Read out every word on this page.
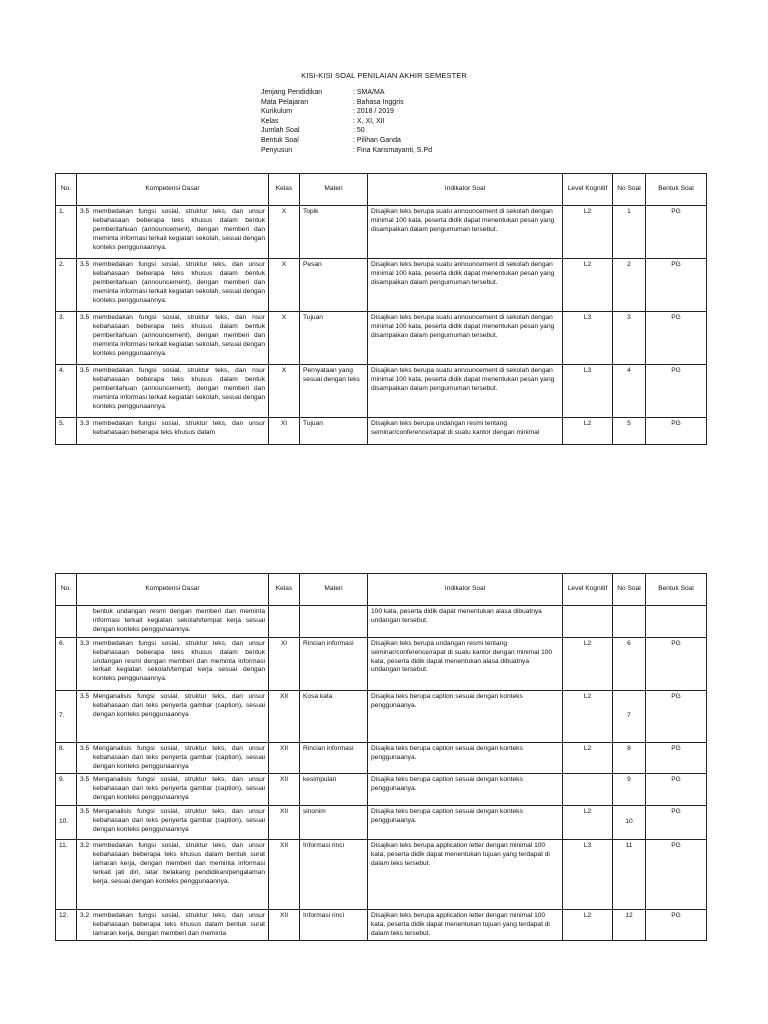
KISI-KISI SOAL PENILAIAN AKHIR SEMESTER
Jenjang Pendidikan	: SMA/MA
Mata Pelajaran	: Bahasa Inggris
Kurikulum	: 2018 / 2019
Kelas	: X, XI, XII
Jumlah Soal	: 50
Bentuk Soal	: Pilihan Ganda
Penyusun	: Fina Karismayanti, S.Pd
No.	Kompetensi Dasar	Kelas	Materi	Indikator Soal	Level Kognitif	No Soal	Bentuk Soal
1.	3.5 membedakan fungsi sosial, struktur teks, dan unsur kebahasaan beberapa teks khusus dalam bentuk pemberitahuan (announcement), dengan memberi dan meminta informasi terkait kegiatan sekolah, sesuai dengan konteks penggunaannya.	X	Topik	Disajikan teks berupa suatu announcement di sekolah dengan minimal 100 kata, peserta didik dapat menentukan pesan yang disampaikan dalam pengumuman tersebut.	L2	1	PG
2.	3.5 membedakan fungsi sosial, struktur teks, dan unsur kebahasaan beberapa teks khusus dalam bentuk pemberitahuan (announcement), dengan memberi dan meminta informasi terkait kegiatan sekolah, sesuai dengan konteks penggunaannya.	X	Pesan	Disajikan teks berupa suatu announcement di sekolah dengan minimal 100 kata, peserta didik dapat menentukan pesan yang disampaikan dalam pengumuman tersebut.	L2	2	PG
3.	3.5 membedakan fungsi sosial, struktur teks, dan nsur kebahasaan beberapa teks khusus dalam bentuk pemberitahuan (announcement), dengan memberi dan meminta informasi terkait kegiatan sekolah, sesuai dengan konteks penggunaannya.	X	Tujuan	Disajikan teks berupa suatu announcement di sekolah dengan minimal 100 kata, peserta didik dapat menentukan pesan yang disampaikan dalam pengumuman tersebut.	L3	3	PG
4.	3.5 membedakan fungsi sosial, struktur teks, dan nsur kebahasaan beberapa teks khusus dalam bentuk pemberitahuan (announcement), dengan memberi dan meminta informasi terkait kegiatan sekolah, sesuai dengan konteks penggunaannya.	X	Pernyataan yang sesuai dengan teks	Disajikan teks berupa suatu announcement di sekolah dengan minimal 100 kata, peserta didik dapat menentukan pesan yang disampaikan dalam pengumuman tersebut.	L3	4	PG
5.	3.3 membedakan fungsi sosial, struktur teks, dan unsur kebahasaan beberapa teks khusus dalam	XI	Tujuan	Disajikan teks berupa undangan resmi tentang seminar/conference/rapat di suatu kantor dengan minimal	L2	5	PG
No.	Kompetensi Dasar	Kelas	Materi	Indikator Soal	Level Kognitif	No Soal	Bentuk Soal

	bentuk undangan resmi dengan memberi dan meminta informasi terkait kegiatan sekolah/tempat kerja sesuai dengan konteks penggunaannya.			100 kata, peserta didik dapat menentukan alasa dibuatnya undangan tersebut.			
6.	3.3 membedakan fungsi sosial, struktur teks, dan unsur kebahasaan beberapa teks khusus dalam bentuk undangan resmi dengan memberi dan meminta informasi terkait kegiatan sekolah/tempat kerja sesuai dengan konteks penggunaannya.	XI	Rincian informasi	Disajikan teks berupa undangan resmi tentang seminar/conference/rapat di suatu kantor dengan minimal 100 kata, peserta didik dapat menentukan alasa dibuatnya undangan tersebut.	L2	6	PG
7.	3.5 Menganalisis fungsi sosial, struktur teks, dan unsur kebahasaan dari teks penyerta gambar (caption), sesuai dengan konteks penggunaannya	XII	Kosa kata	Disajika teks berupa caption sesuai dengan konteks penggunaanya.	L2	7	PG
8.	3.5 Menganalisis fungsi sosial, struktur teks, dan unsur kebahasaan dari teks penyerta gambar (caption), sesuai dengan konteks penggunaannya	XII	Rincian informasi	Disajika teks berupa caption sesuai dengan konteks penggunaanya.	L2	8	PG
9.	3.5 Menganalisis fungsi sosial, struktur teks, dan unsur kebahasaan dari teks penyerta gambar (caption), sesuai dengan konteks penggunaannya	XII	kesimpulan	Disajika teks berupa caption sesuai dengan konteks penggunaanya.		9	PG
10.	3.5 Menganalisis fungsi sosial, struktur teks, dan unsur kebahasaan dari teks penyerta gambar (caption), sesuai dengan konteks penggunaannya	XII	sinonim	Disajika teks berupa caption sesuai dengan konteks penggunaanya.	L2	10	PG
11.	3.2 membedakan fungsi sosial, struktur teks, dan unsur kebahasaan beberapa teks khusus dalam bentuk surat lamaran kerja, dengan memberi dan meminta informasi terkait jati diri, latar belakang pendidikan/pengalaman kerja, sesuai dengan konteks penggunaannya.	XII	Informasi rinci	Disajikan teks berupa application letter dengan minimal 100 kata, peserta didik dapat menentukan tujuan yang terdapat di dalam teks tersebut.	L3	11	PG
12.	3.2 membedakan fungsi sosial, struktur teks, dan unsur kebahasaan beberapa teks khusus dalam bentuk surat lamaran kerja, dengan memberi dan meminta	XII	Informasi rinci	Disajikan teks berupa application letter dengan minimal 100 kata, peserta didik dapat menentukan tujuan yang terdapat di dalam teks tersebut.	L2	12	PG
